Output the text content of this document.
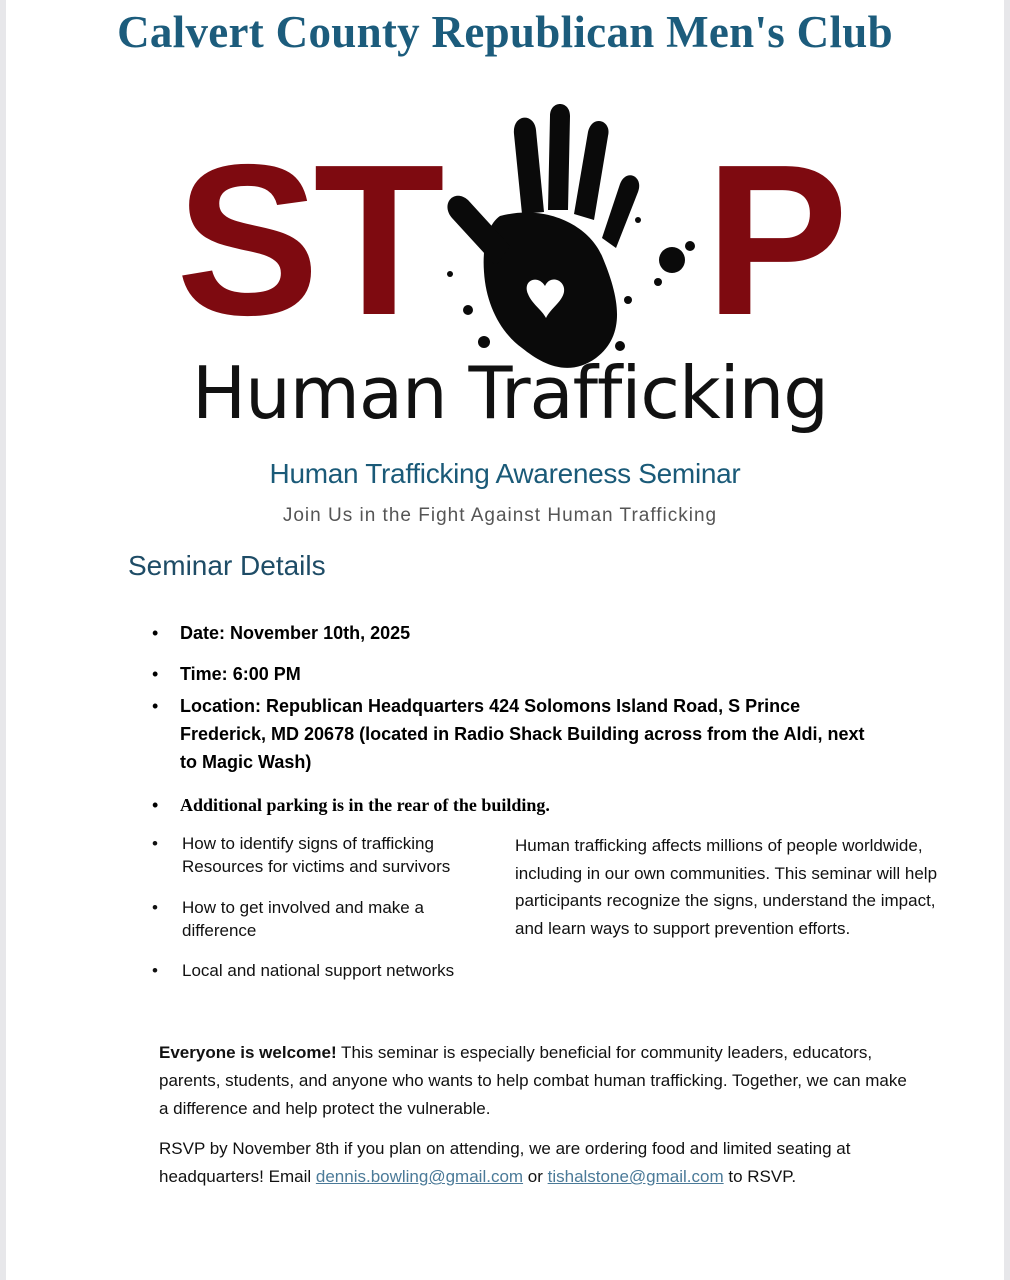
Calvert County Republican Men's Club
ST P
Human Trafficking
Human Trafficking Awareness Seminar
Join Us in the Fight Against Human Trafficking
Seminar Details
• Date: November 10th, 2025
• Time: 6:00 PM
• Location: Republican Headquarters 424 Solomons Island Road, S Prince Frederick, MD 20678 (located in Radio Shack Building across from the Aldi, next to Magic Wash)
• Additional parking is in the rear of the building.
• How to identify signs of trafficking
Resources for victims and survivors
• How to get involved and make a difference
• Local and national support networks
Human trafficking affects millions of people worldwide, including in our own communities. This seminar will help participants recognize the signs, understand the impact, and learn ways to support prevention efforts.
Everyone is welcome! This seminar is especially beneficial for community leaders, educators, parents, students, and anyone who wants to help combat human trafficking. Together, we can make a difference and help protect the vulnerable.
RSVP by November 8th if you plan on attending, we are ordering food and limited seating at headquarters! Email dennis.bowling@gmail.com or tishalstone@gmail.com to RSVP.
